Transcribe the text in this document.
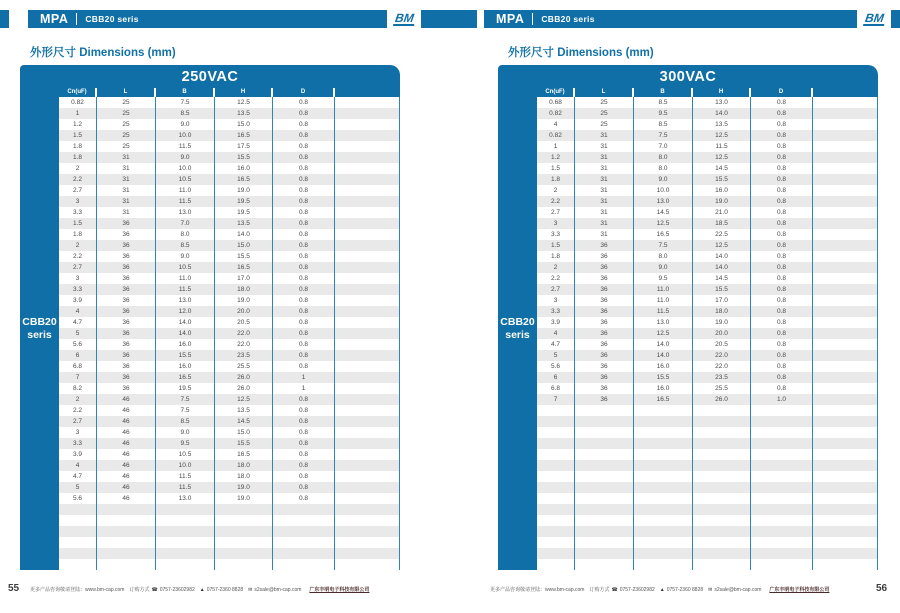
MPA CBB20 seris	BM
外形尺寸 Dimensions (mm)
250VAC
CBB20
seris
Cn(uF)	L	B	H	D
0.82	25	7.5	12.5	0.8
1	25	8.5	13.5	0.8
1.2	25	9.0	15.0	0.8
1.5	25	10.0	16.5	0.8
1.8	25	11.5	17.5	0.8
1.8	31	9.0	15.5	0.8
2	31	10.0	16.0	0.8
2.2	31	10.5	16.5	0.8
2.7	31	11.0	19.0	0.8
3	31	11.5	19.5	0.8
3.3	31	13.0	19.5	0.8
1.5	36	7.0	13.5	0.8
1.8	36	8.0	14.0	0.8
2	36	8.5	15.0	0.8
2.2	36	9.0	15.5	0.8
2.7	36	10.5	16.5	0.8
3	36	11.0	17.0	0.8
3.3	36	11.5	18.0	0.8
3.9	36	13.0	19.0	0.8
4	36	12.0	20.0	0.8
4.7	36	14.0	20.5	0.8
5	36	14.0	22.0	0.8
5.6	36	16.0	22.0	0.8
6	36	15.5	23.5	0.8
6.8	36	16.0	25.5	0.8
7	36	16.5	26.0	1
8.2	36	19.5	26.0	1
2	46	7.5	12.5	0.8
2.2	46	7.5	13.5	0.8
2.7	46	8.5	14.5	0.8
3	46	9.0	15.0	0.8
3.3	46	9.5	15.5	0.8
3.9	46	10.5	16.5	0.8
4	46	10.0	18.0	0.8
4.7	46	11.5	18.0	0.8
5	46	11.5	19.0	0.8
5.6	46	13.0	19.0	0.8
55 更多产品咨询敬请登陆：www.bm-cap.com 订购方式 ☎ 0757-23602982 ▲ 0757-2360 8828 ✉ s2sale@bm-cap.com 广东丰明电子科技有限公司
MPA CBB20 seris	BM
外形尺寸 Dimensions (mm)
300VAC
CBB20
seris
Cn(uF)	L	B	H	D
0.68	25	8.5	13.0	0.8
0.82	25	9.5	14.0	0.8
4	25	8.5	13.5	0.8
0.82	31	7.5	12.5	0.8
1	31	7.0	11.5	0.8
1.2	31	8.0	12.5	0.8
1.5	31	8.0	14.5	0.8
1.8	31	9.0	15.5	0.8
2	31	10.0	16.0	0.8
2.2	31	13.0	19.0	0.8
2.7	31	14.5	21.0	0.8
3	31	12.5	18.5	0.8
3.3	31	16.5	22.5	0.8
1.5	36	7.5	12.5	0.8
1.8	36	8.0	14.0	0.8
2	36	9.0	14.0	0.8
2.2	36	9.5	14.5	0.8
2.7	36	11.0	15.5	0.8
3	36	11.0	17.0	0.8
3.3	36	11.5	18.0	0.8
3.9	36	13.0	19.0	0.8
4	36	12.5	20.0	0.8
4.7	36	14.0	20.5	0.8
5	36	14.0	22.0	0.8
5.6	36	16.0	22.0	0.8
6	36	15.5	23.5	0.8
6.8	36	16.0	25.5	0.8
7	36	16.5	26.0	1.0
56
更多产品咨询敬请登陆：www.bm-cap.com 订购方式 ☎ 0757-23602982 ▲ 0757-2360 8828 ✉ s2sale@bm-cap.com 广东丰明电子科技有限公司
